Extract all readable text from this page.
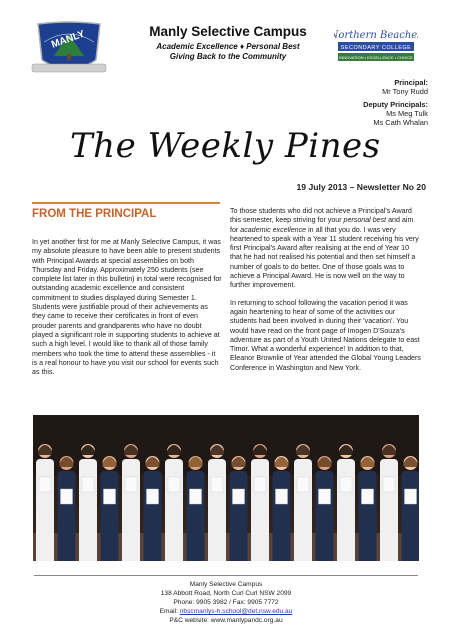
MANLY	Northern Beaches
SECONDARY COLLEGE
INNOVATION • EXCELLENCE • CHOICE
Manly Selective Campus
Academic Excellence ♦ Personal Best
Giving Back to the Community
Principal:
Mr Tony Rudd
Deputy Principals:
Ms Meg Tulk
Ms Cath Whalan
The Weekly Pines
19 July 2013 – Newsletter No 20
FROM THE PRINCIPAL

In yet another first for me at Manly Selective Campus, it was my absolute pleasure to have been able to present students with Principal Awards at special assemblies on both Thursday and Friday. Approximately 250 students (see complete list later in this bulletin) in total were recognised for outstanding academic excellence and consistent commitment to studies displayed during Semester 1. Students were justifiable proud of their achievements as they came to receive their certificates in front of even prouder parents and grandparents who have no doubt played a significant role in supporting students to achieve at such a high level. I would like to thank all of those family members who took the time to attend these assemblies - it is a real honour to have you visit our school for events such as this.

To those students who did not achieve a Principal's Award this semester, keep striving for your personal best and aim for academic excellence in all that you do. I was very heartened to speak with a Year 11 student receiving his very first Principal's Award after realising at the end of Year 10 that he had not realised his potential and then set himself a number of goals to do better. One of those goals was to achieve a Principal Award. He is now well on the way to further improvement.

In returning to school following the vacation period it was again heartening to hear of some of the activities our students had been involved in during their 'vacation'. You would have read on the front page of Imogen D'Souza's adventure as part of a Youth United Nations delegate to east Timor. What a wonderful experience! In addition to that, Eleanor Brownlie of Year attended the Global Young Leaders Conference in Washington and New York.

Manly Selective Campus
138 Abbott Road, North Curl Curl NSW 2099
Phone: 9905 3982 / Fax: 9905 7772
Email: nbscmanlys-h.school@det.nsw.edu.au
P&C website: www.manlypandc.org.au
